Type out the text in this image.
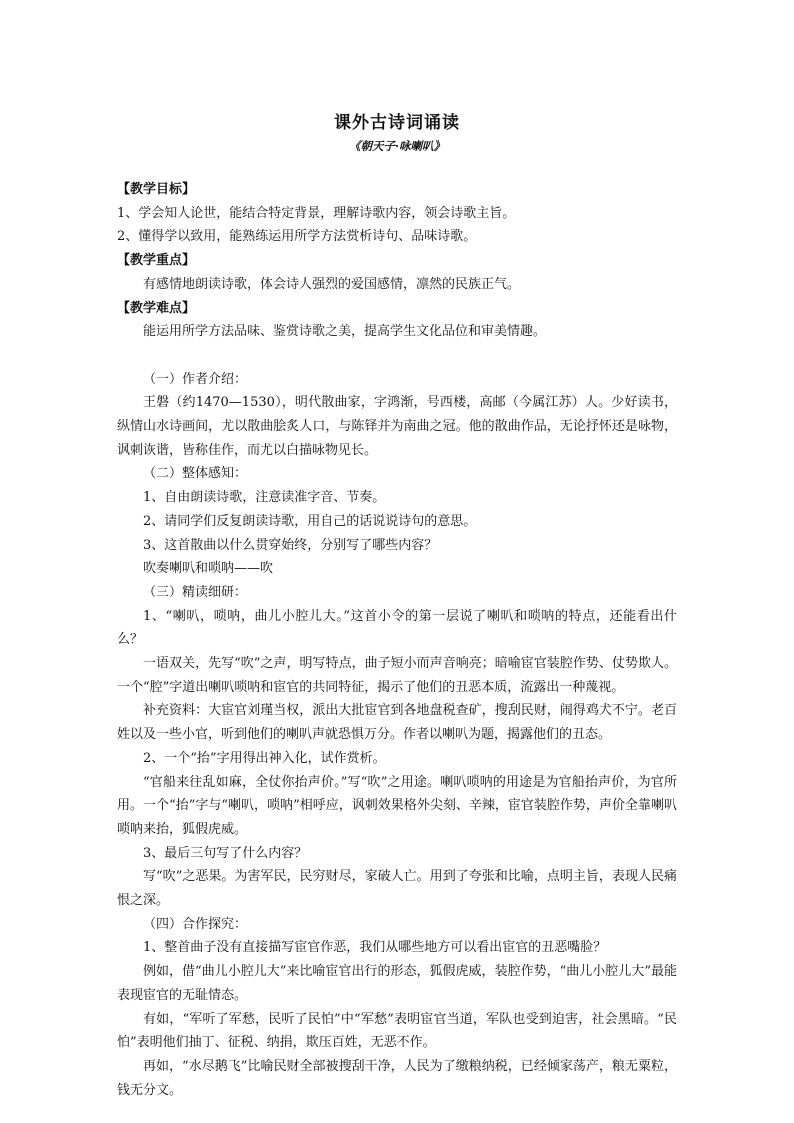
课外古诗词诵读
《朝天子·咏喇叭》

【教学目标】

1、学会知人论世，能结合特定背景，理解诗歌内容，领会诗歌主旨。

2、懂得学以致用，能熟练运用所学方法赏析诗句、品味诗歌。

【教学重点】

有感情地朗读诗歌，体会诗人强烈的爱国感情，凛然的民族正气。

【教学难点】

能运用所学方法品味、鉴赏诗歌之美，提高学生文化品位和审美情趣。

（一）作者介绍：

王磐（约1470—1530），明代散曲家，字鸿渐，号西楼，高邮（今属江苏）人。少好读书，纵情山水诗画间，尤以散曲脍炙人口，与陈铎并为南曲之冠。他的散曲作品，无论抒怀还是咏物，讽刺诙谐，皆称佳作，而尤以白描咏物见长。

（二）整体感知：

1、自由朗读诗歌，注意读准字音、节奏。

2、请同学们反复朗读诗歌，用自己的话说说诗句的意思。

3、这首散曲以什么贯穿始终，分别写了哪些内容？

吹奏喇叭和唢呐——吹

（三）精读细研：

1、“喇叭，唢呐，曲儿小腔儿大。”这首小令的第一层说了喇叭和唢呐的特点，还能看出什么？

一语双关，先写“吹”之声，明写特点，曲子短小而声音响亮；暗喻宦官装腔作势、仗势欺人。一个“腔”字道出喇叭唢呐和宦官的共同特征，揭示了他们的丑恶本质，流露出一种蔑视。

补充资料：大宦官刘瑾当权，派出大批宦官到各地盘税查矿，搜刮民财，闹得鸡犬不宁。老百姓以及一些小官，听到他们的喇叭声就恐惧万分。作者以喇叭为题，揭露他们的丑态。

2、一个“抬”字用得出神入化，试作赏析。

“官船来往乱如麻，全仗你抬声价。”写“吹”之用途。喇叭唢呐的用途是为官船抬声价，为官所用。一个“抬”字与“喇叭，唢呐”相呼应，讽刺效果格外尖刻、辛辣，宦官装腔作势，声价全靠喇叭唢呐来抬，狐假虎威。

3、最后三句写了什么内容？

写“吹”之恶果。为害军民，民穷财尽，家破人亡。用到了夸张和比喻，点明主旨，表现人民痛恨之深。

（四）合作探究：

1、整首曲子没有直接描写宦官作恶，我们从哪些地方可以看出宦官的丑恶嘴脸？

例如，借“曲儿小腔儿大”来比喻宦官出行的形态，狐假虎威，装腔作势，“曲儿小腔儿大”最能表现宦官的无耻情态。

有如，“军听了军愁，民听了民怕”中“军愁”表明宦官当道，军队也受到迫害，社会黑暗。“民怕”表明他们抽丁、征税、纳捐，欺压百姓，无恶不作。

再如，“水尽鹅飞”比喻民财全部被搜刮干净，人民为了缴粮纳税，已经倾家荡产，粮无粟粒，钱无分文。
